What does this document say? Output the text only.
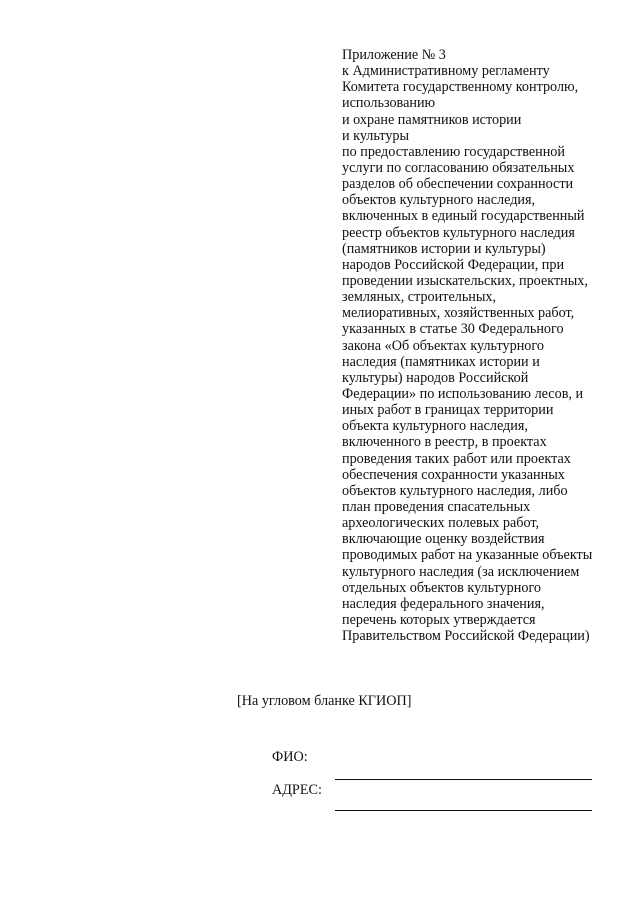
Приложение № 3
к Административному регламенту
Комитета государственному контролю,
использованию
и охране памятников истории
и культуры
по предоставлению государственной
услуги по согласованию обязательных
разделов об обеспечении сохранности
объектов культурного наследия,
включенных в единый государственный
реестр объектов культурного наследия
(памятников истории и культуры)
народов Российской Федерации, при
проведении изыскательских, проектных,
земляных, строительных,
мелиоративных, хозяйственных работ,
указанных в статье 30 Федерального
закона «Об объектах культурного
наследия (памятниках истории и
культуры) народов Российской
Федерации» по использованию лесов, и
иных работ в границах территории
объекта культурного наследия,
включенного в реестр, в проектах
проведения таких работ или проектах
обеспечения сохранности указанных
объектов культурного наследия, либо
план проведения спасательных
археологических полевых работ,
включающие оценку воздействия
проводимых работ на указанные объекты
культурного наследия (за исключением
отдельных объектов культурного
наследия федерального значения,
перечень которых утверждается
Правительством Российской Федерации)
[На угловом бланке КГИОП]
ФИО:
АДРЕС:
